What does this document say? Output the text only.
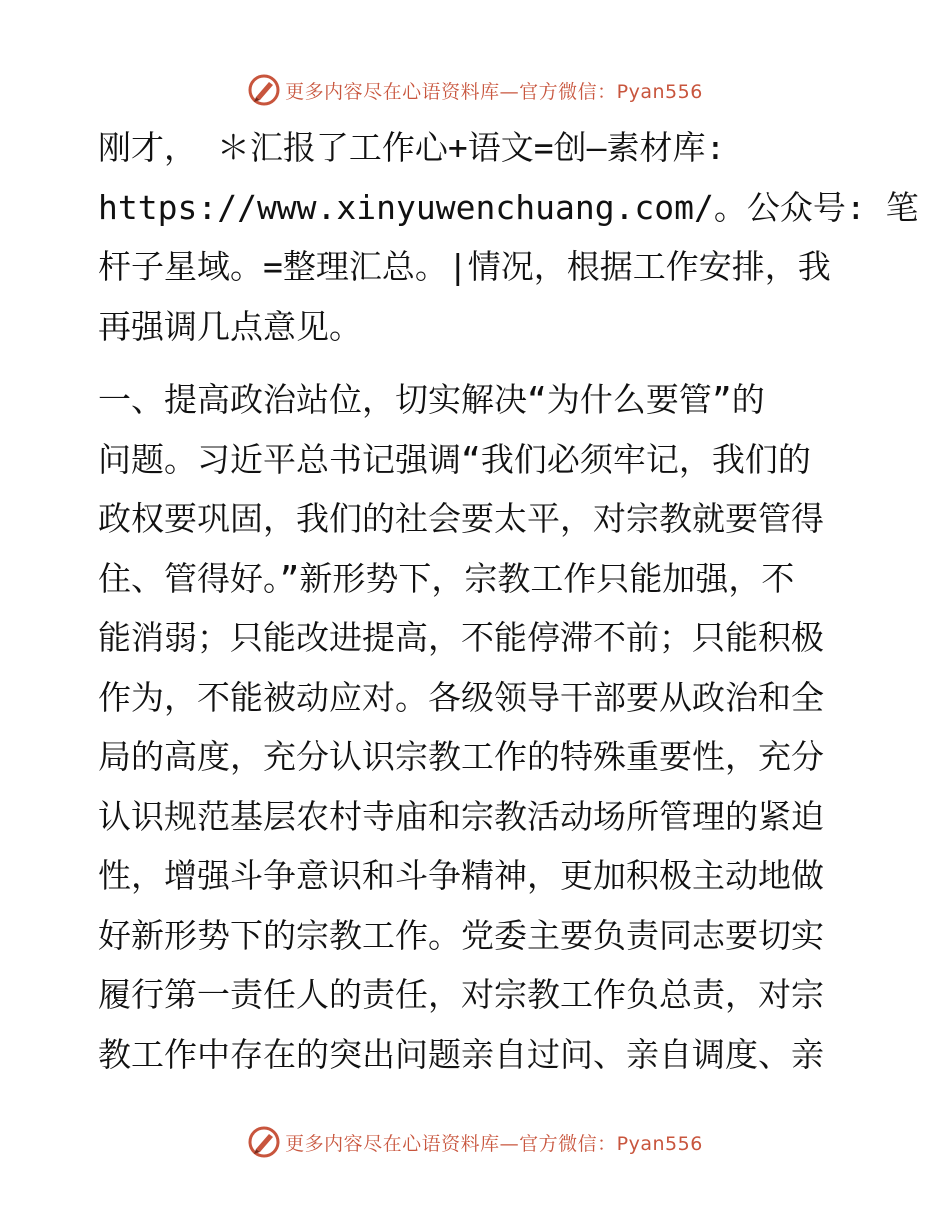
更多内容尽在心语资料库—官方微信：Pyan556

刚才， ＊汇报了工作心+语文=创—素材库:
https://www.xinyuwenchuang.com/。公众号: 笔
杆子星域。=整理汇总。|情况，根据工作安排，我
再强调几点意见。

一、提高政治站位，切实解决“为什么要管”的
问题。习近平总书记强调“我们必须牢记，我们的
政权要巩固，我们的社会要太平，对宗教就要管得
住、管得好。”新形势下，宗教工作只能加强，不
能消弱；只能改进提高，不能停滞不前；只能积极
作为，不能被动应对。各级领导干部要从政治和全
局的高度，充分认识宗教工作的特殊重要性，充分
认识规范基层农村寺庙和宗教活动场所管理的紧迫
性，增强斗争意识和斗争精神，更加积极主动地做
好新形势下的宗教工作。党委主要负责同志要切实
履行第一责任人的责任，对宗教工作负总责，对宗
教工作中存在的突出问题亲自过问、亲自调度、亲

更多内容尽在心语资料库—官方微信：Pyan556
